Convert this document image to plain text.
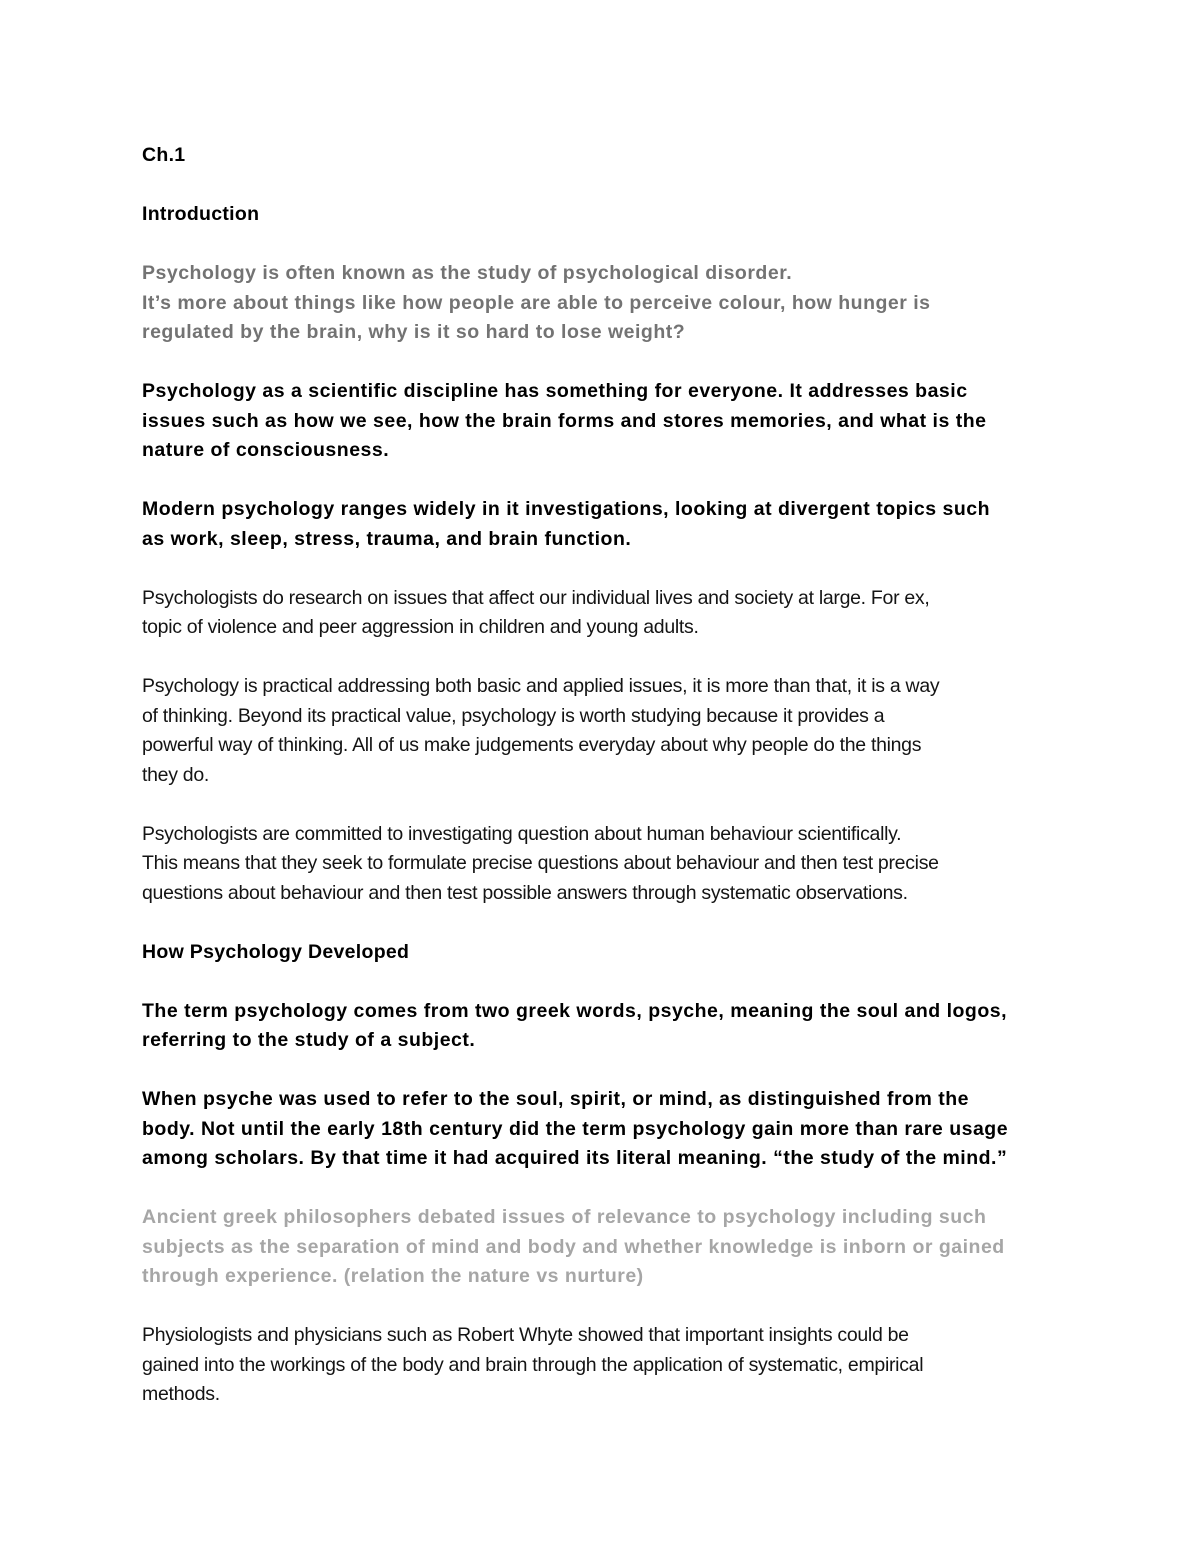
Ch.1
Introduction
Psychology is often known as the study of psychological disorder.
It’s more about things like how people are able to perceive colour, how hunger is
regulated by the brain, why is it so hard to lose weight?
Psychology as a scientific discipline has something for everyone. It addresses basic
issues such as how we see, how the brain forms and stores memories, and what is the
nature of consciousness.
Modern psychology ranges widely in it investigations, looking at divergent topics such
as work, sleep, stress, trauma, and brain function.
Psychologists do research on issues that affect our individual lives and society at large. For ex,
topic of violence and peer aggression in children and young adults.
Psychology is practical addressing both basic and applied issues, it is more than that, it is a way
of thinking. Beyond its practical value, psychology is worth studying because it provides a
powerful way of thinking. All of us make judgements everyday about why people do the things
they do.
Psychologists are committed to investigating question about human behaviour scientifically.
This means that they seek to formulate precise questions about behaviour and then test precise
questions about behaviour and then test possible answers through systematic observations.
How Psychology Developed
The term psychology comes from two greek words, psyche, meaning the soul and logos,
referring to the study of a subject.
When psyche was used to refer to the soul, spirit, or mind, as distinguished from the
body. Not until the early 18th century did the term psychology gain more than rare usage
among scholars. By that time it had acquired its literal meaning. “the study of the mind.”
Ancient greek philosophers debated issues of relevance to psychology including such
subjects as the separation of mind and body and whether knowledge is inborn or gained
through experience. (relation the nature vs nurture)
Physiologists and physicians such as Robert Whyte showed that important insights could be
gained into the workings of the body and brain through the application of systematic, empirical
methods.
